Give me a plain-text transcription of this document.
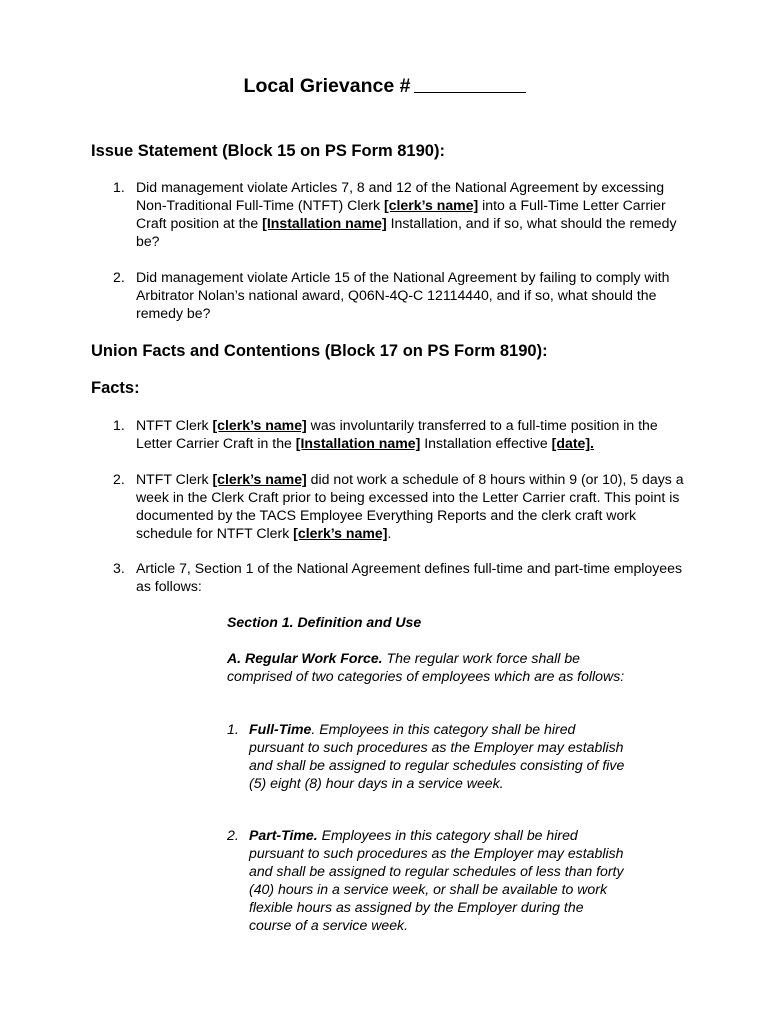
Local Grievance #
Issue Statement (Block 15 on PS Form 8190):
1. Did management violate Articles 7, 8 and 12 of the National Agreement by excessing Non-Traditional Full-Time (NTFT) Clerk [clerk’s name] into a Full-Time Letter Carrier Craft position at the [Installation name] Installation, and if so, what should the remedy be?
2. Did management violate Article 15 of the National Agreement by failing to comply with Arbitrator Nolan’s national award, Q06N-4Q-C 12114440, and if so, what should the remedy be?
Union Facts and Contentions (Block 17 on PS Form 8190):
Facts:
1. NTFT Clerk [clerk’s name] was involuntarily transferred to a full-time position in the Letter Carrier Craft in the [Installation name] Installation effective [date].
2. NTFT Clerk [clerk’s name] did not work a schedule of 8 hours within 9 (or 10), 5 days a week in the Clerk Craft prior to being excessed into the Letter Carrier craft. This point is documented by the TACS Employee Everything Reports and the clerk craft work schedule for NTFT Clerk [clerk’s name].
3. Article 7, Section 1 of the National Agreement defines full-time and part-time employees as follows:
Section 1. Definition and Use
A. Regular Work Force. The regular work force shall be comprised of two categories of employees which are as follows:
1. Full-Time. Employees in this category shall be hired pursuant to such procedures as the Employer may establish and shall be assigned to regular schedules consisting of five (5) eight (8) hour days in a service week.
2. Part-Time. Employees in this category shall be hired pursuant to such procedures as the Employer may establish and shall be assigned to regular schedules of less than forty (40) hours in a service week, or shall be available to work flexible hours as assigned by the Employer during the course of a service week.
